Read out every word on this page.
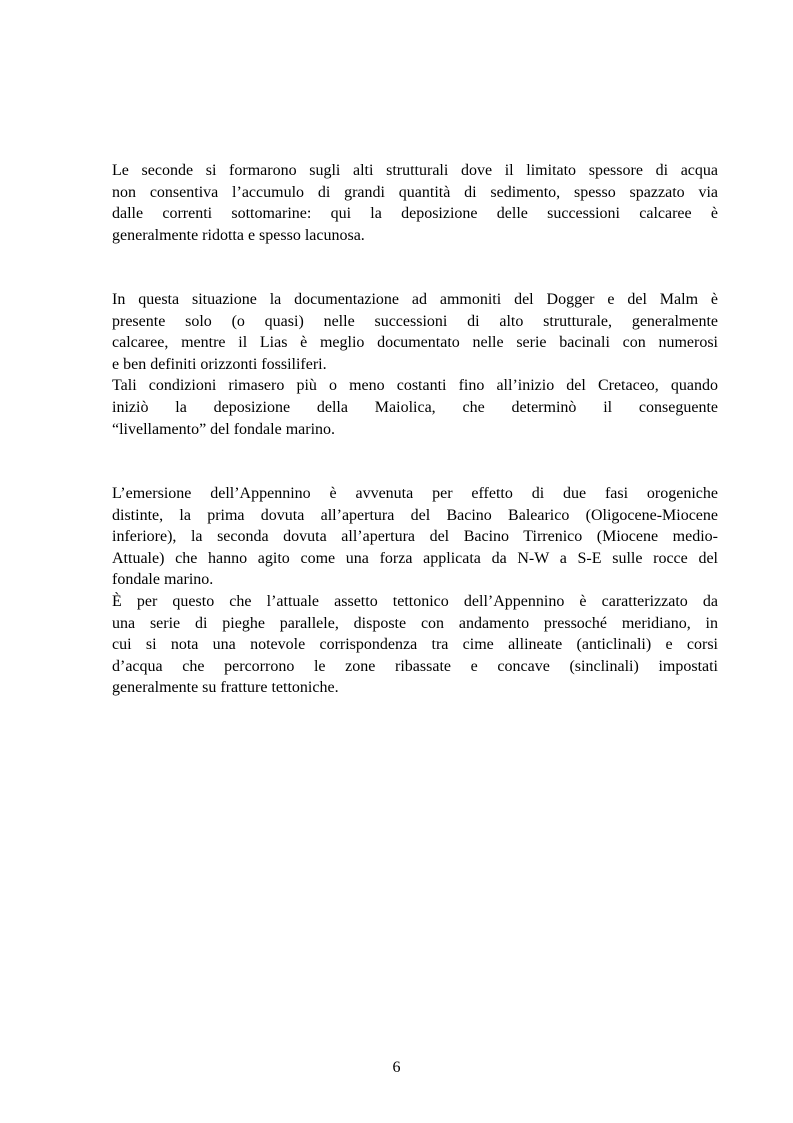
Le seconde si formarono sugli alti strutturali dove il limitato spessore di acqua
non consentiva l’accumulo di grandi quantità di sedimento, spesso spazzato via
dalle correnti sottomarine: qui la deposizione delle successioni calcaree è
generalmente ridotta e spesso lacunosa.
In questa situazione la documentazione ad ammoniti del Dogger e del Malm è
presente solo (o quasi) nelle successioni di alto strutturale, generalmente
calcaree, mentre il Lias è meglio documentato nelle serie bacinali con numerosi
e ben definiti orizzonti fossiliferi.
Tali condizioni rimasero più o meno costanti fino all’inizio del Cretaceo, quando
iniziò la deposizione della Maiolica, che determinò il conseguente
“livellamento” del fondale marino.
L’emersione dell’Appennino è avvenuta per effetto di due fasi orogeniche
distinte, la prima dovuta all’apertura del Bacino Balearico (Oligocene-Miocene
inferiore), la seconda dovuta all’apertura del Bacino Tirrenico (Miocene medio-
Attuale) che hanno agito come una forza applicata da N-W a S-E sulle rocce del
fondale marino.
È per questo che l’attuale assetto tettonico dell’Appennino è caratterizzato da
una serie di pieghe parallele, disposte con andamento pressoché meridiano, in
cui si nota una notevole corrispondenza tra cime allineate (anticlinali) e corsi
d’acqua che percorrono le zone ribassate e concave (sinclinali) impostati
generalmente su fratture tettoniche.
6
